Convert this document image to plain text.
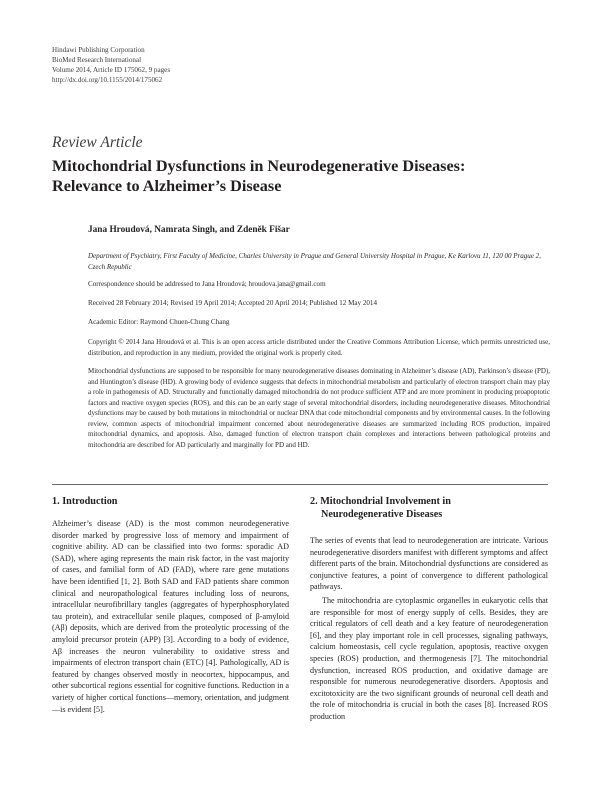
Hindawi Publishing Corporation
BioMed Research International
Volume 2014, Article ID 175062, 9 pages
http://dx.doi.org/10.1155/2014/175062
Review Article
Mitochondrial Dysfunctions in Neurodegenerative Diseases:
Relevance to Alzheimer’s Disease
Jana Hroudová, Namrata Singh, and Zdeněk Fišar
Department of Psychiatry, First Faculty of Medicine, Charles University in Prague and General University Hospital in Prague, Ke Karlovu 11, 120 00 Prague 2, Czech Republic
Correspondence should be addressed to Jana Hroudová; hroudova.jana@gmail.com
Received 28 February 2014; Revised 19 April 2014; Accepted 20 April 2014; Published 12 May 2014
Academic Editor: Raymond Chuen-Chung Chang
Copyright © 2014 Jana Hroudová et al. This is an open access article distributed under the Creative Commons Attribution License, which permits unrestricted use, distribution, and reproduction in any medium, provided the original work is properly cited.
Mitochondrial dysfunctions are supposed to be responsible for many neurodegenerative diseases dominating in Alzheimer’s disease (AD), Parkinson’s disease (PD), and Huntington’s disease (HD). A growing body of evidence suggests that defects in mitochondrial metabolism and particularly of electron transport chain may play a role in pathogenesis of AD. Structurally and functionally damaged mitochondria do not produce sufficient ATP and are more prominent in producing proapoptotic factors and reactive oxygen species (ROS), and this can be an early stage of several mitochondrial disorders, including neurodegenerative diseases. Mitochondrial dysfunctions may be caused by both mutations in mitochondrial or nuclear DNA that code mitochondrial components and by environmental causes. In the following review, common aspects of mitochondrial impairment concerned about neurodegenerative diseases are summarized including ROS production, impaired mitochondrial dynamics, and apoptosis. Also, damaged function of electron transport chain complexes and interactions between pathological proteins and mitochondria are described for AD particularly and marginally for PD and HD.
1. Introduction

Alzheimer’s disease (AD) is the most common neurodegenerative disorder marked by progressive loss of memory and impairment of cognitive ability. AD can be classified into two forms: sporadic AD (SAD), where aging represents the main risk factor, in the vast majority of cases, and familial form of AD (FAD), where rare gene mutations have been identified [1, 2]. Both SAD and FAD patients share common clinical and neuropathological features including loss of neurons, intracellular neurofibrillary tangles (aggregates of hyperphosphorylated tau protein), and extracellular senile plaques, composed of β-amyloid (Aβ) deposits, which are derived from the proteolytic processing of the amyloid precursor protein (APP) [3]. According to a body of evidence, Aβ increases the neuron vulnerability to oxidative stress and impairments of electron transport chain (ETC) [4]. Pathologically, AD is featured by changes observed mostly in neocortex, hippocampus, and other subcortical regions essential for cognitive functions. Reduction in a variety of higher cortical functions—memory, orientation, and judgment—is evident [5].

2. Mitochondrial Involvement in
Neurodegenerative Diseases

The series of events that lead to neurodegeneration are intricate. Various neurodegenerative disorders manifest with different symptoms and affect different parts of the brain. Mitochondrial dysfunctions are considered as conjunctive features, a point of convergence to different pathological pathways.

The mitochondria are cytoplasmic organelles in eukaryotic cells that are responsible for most of energy supply of cells. Besides, they are critical regulators of cell death and a key feature of neurodegeneration [6], and they play important role in cell processes, signaling pathways, calcium homeostasis, cell cycle regulation, apoptosis, reactive oxygen species (ROS) production, and thermogenesis [7]. The mitochondrial dysfunction, increased ROS production, and oxidative damage are responsible for numerous neurodegenerative disorders. Apoptosis and excitotoxicity are the two significant grounds of neuronal cell death and the role of mitochondria is crucial in both the cases [8]. Increased ROS production
